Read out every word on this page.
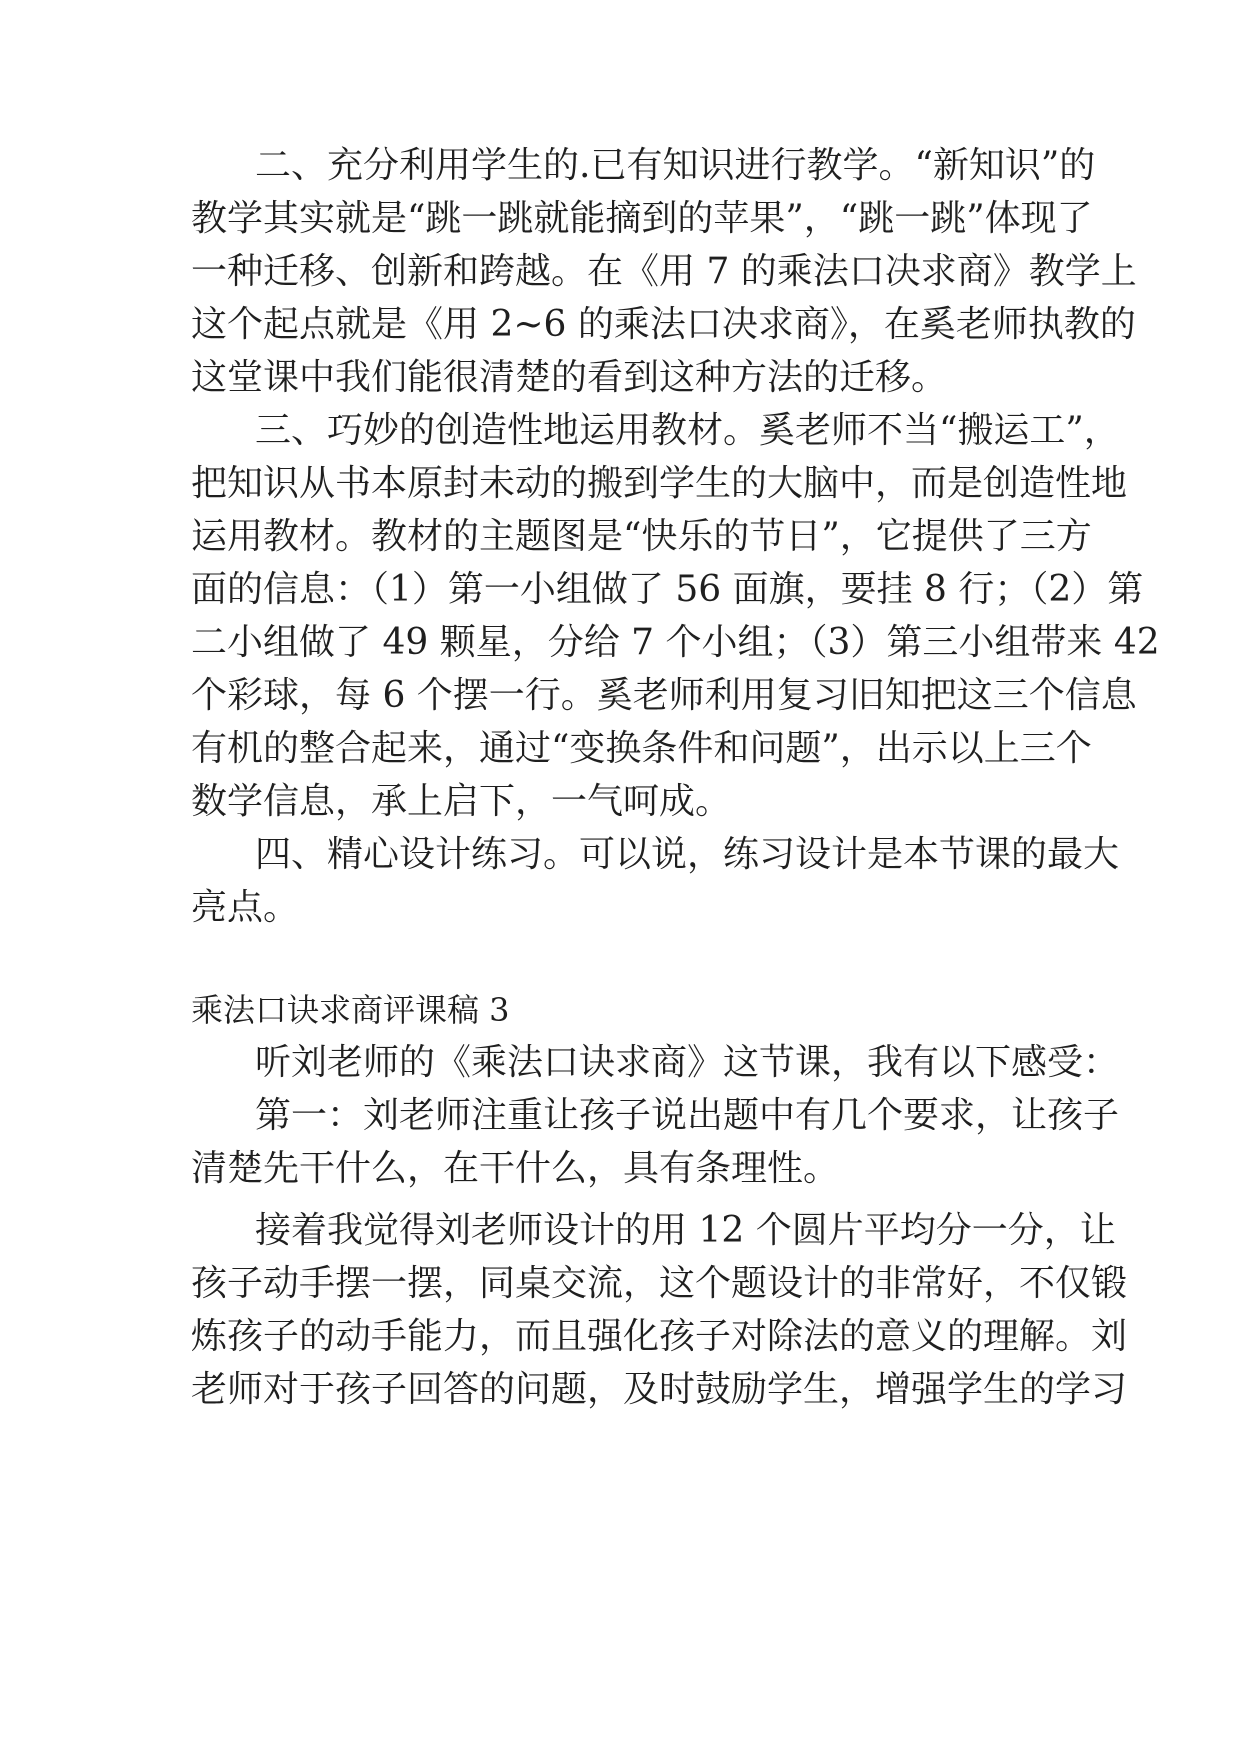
二、充分利用学生的.已有知识进行教学。“新知识”的

教学其实就是“跳一跳就能摘到的苹果”，“跳一跳”体现了

一种迁移、创新和跨越。在《用 7 的乘法口决求商》教学上

这个起点就是《用 2~6 的乘法口决求商》，在奚老师执教的

这堂课中我们能很清楚的看到这种方法的迁移。

三、巧妙的创造性地运用教材。奚老师不当“搬运工”，

把知识从书本原封未动的搬到学生的大脑中，而是创造性地

运用教材。教材的主题图是“快乐的节日”，它提供了三方

面的信息：（1）第一小组做了 56 面旗，要挂 8 行；（2）第

二小组做了 49 颗星，分给 7 个小组；（3）第三小组带来 42

个彩球，每 6 个摆一行。奚老师利用复习旧知把这三个信息

有机的整合起来，通过“变换条件和问题”，出示以上三个

数学信息，承上启下，一气呵成。

四、精心设计练习。可以说，练习设计是本节课的最大

亮点。

乘法口诀求商评课稿 3

听刘老师的《乘法口诀求商》这节课，我有以下感受：

第一：刘老师注重让孩子说出题中有几个要求，让孩子

清楚先干什么，在干什么，具有条理性。

接着我觉得刘老师设计的用 12 个圆片平均分一分，让

孩子动手摆一摆，同桌交流，这个题设计的非常好，不仅锻

炼孩子的动手能力，而且强化孩子对除法的意义的理解。刘

老师对于孩子回答的问题，及时鼓励学生，增强学生的学习
